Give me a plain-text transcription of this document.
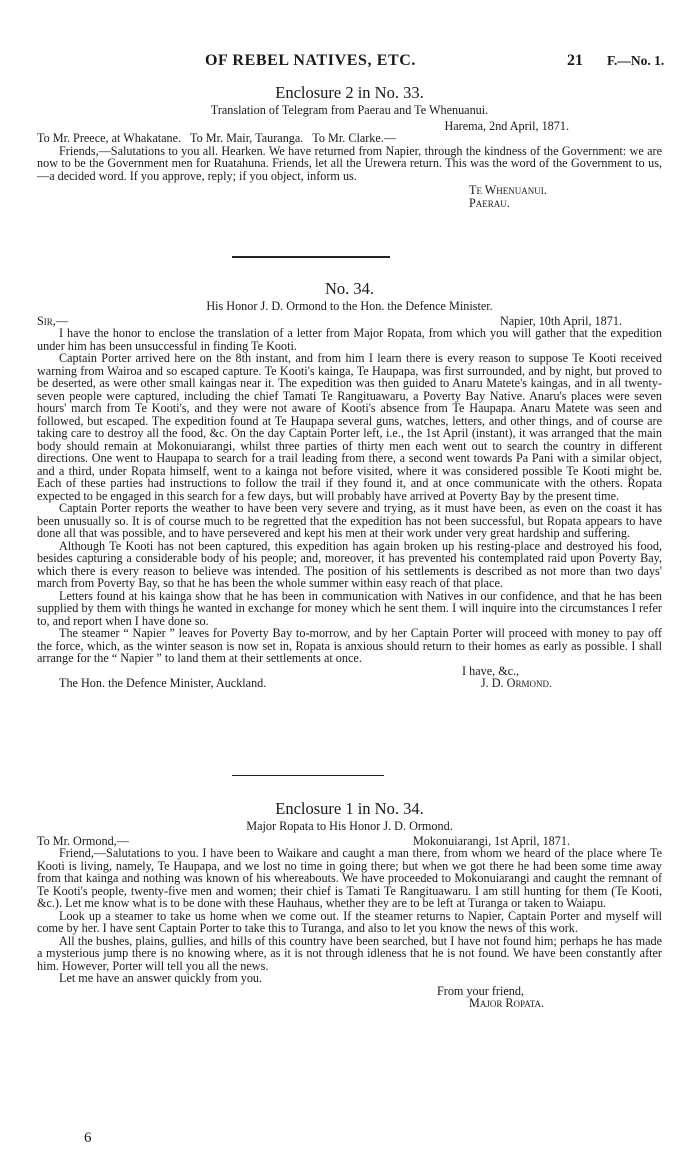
OF REBEL NATIVES, ETC.	21 F.—No. 1.
Enclosure 2 in No. 33.
Translation of Telegram from Paerau and Te Whenuanui.
Harema, 2nd April, 1871.
To Mr. Preece, at Whakatane.   To Mr. Mair, Tauranga.   To Mr. Clarke.—

Friends,—Salutations to you all. Hearken. We have returned from Napier, through the kindness of the Government: we are now to be the Government men for Ruatahuna. Friends, let all the Urewera return. This was the word of the Government to us,—a decided word. If you approve, reply; if you object, inform us.

Te Whenuanui.
Paerau.
No. 34.
His Honor J. D. Ormond to the Hon. the Defence Minister.
Sir,—	Napier, 10th April, 1871.

I have the honor to enclose the translation of a letter from Major Ropata, from which you will gather that the expedition under him has been unsuccessful in finding Te Kooti.

Captain Porter arrived here on the 8th instant, and from him I learn there is every reason to suppose Te Kooti received warning from Wairoa and so escaped capture. Te Kooti's kainga, Te Haupapa, was first surrounded, and by night, but proved to be deserted, as were other small kaingas near it. The expedition was then guided to Anaru Matete's kaingas, and in all twenty-seven people were captured, including the chief Tamati Te Rangituawaru, a Poverty Bay Native. Anaru's places were seven hours' march from Te Kooti's, and they were not aware of Kooti's absence from Te Haupapa. Anaru Matete was seen and followed, but escaped. The expedition found at Te Haupapa several guns, watches, letters, and other things, and of course are taking care to destroy all the food, &c. On the day Captain Porter left, i.e., the 1st April (instant), it was arranged that the main body should remain at Mokonuiarangi, whilst three parties of thirty men each went out to search the country in different directions. One went to Haupapa to search for a trail leading from there, a second went towards Pa Pani with a similar object, and a third, under Ropata himself, went to a kainga not before visited, where it was considered possible Te Kooti might be. Each of these parties had instructions to follow the trail if they found it, and at once communicate with the others. Ropata expected to be engaged in this search for a few days, but will probably have arrived at Poverty Bay by the present time.

Captain Porter reports the weather to have been very severe and trying, as it must have been, as even on the coast it has been unusually so. It is of course much to be regretted that the expedition has not been successful, but Ropata appears to have done all that was possible, and to have persevered and kept his men at their work under very great hardship and suffering.

Although Te Kooti has not been captured, this expedition has again broken up his resting-place and destroyed his food, besides capturing a considerable body of his people; and, moreover, it has prevented his contemplated raid upon Poverty Bay, which there is every reason to believe was intended. The position of his settlements is described as not more than two days' march from Poverty Bay, so that he has been the whole summer within easy reach of that place.

Letters found at his kainga show that he has been in communication with Natives in our confidence, and that he has been supplied by them with things he wanted in exchange for money which he sent them. I will inquire into the circumstances I refer to, and report when I have done so.

The steamer “ Napier ” leaves for Poverty Bay to-morrow, and by her Captain Porter will proceed with money to pay off the force, which, as the winter season is now set in, Ropata is anxious should return to their homes as early as possible. I shall arrange for the “ Napier ” to land them at their settlements at once.

I have, &c.,
The Hon. the Defence Minister, Auckland.	J. D. Ormond.
Enclosure 1 in No. 34.
Major Ropata to His Honor J. D. Ormond.
To Mr. Ormond,—	Mokonuiarangi, 1st April, 1871.

Friend,—Salutations to you. I have been to Waikare and caught a man there, from whom we heard of the place where Te Kooti is living, namely, Te Haupapa, and we lost no time in going there; but when we got there he had been some time away from that kainga and nothing was known of his whereabouts. We have proceeded to Mokonuiarangi and caught the remnant of Te Kooti's people, twenty-five men and women; their chief is Tamati Te Rangituawaru. I am still hunting for them (Te Kooti, &c.). Let me know what is to be done with these Hauhaus, whether they are to be left at Turanga or taken to Waiapu.

Look up a steamer to take us home when we come out. If the steamer returns to Napier, Captain Porter and myself will come by her. I have sent Captain Porter to take this to Turanga, and also to let you know the news of this work.

All the bushes, plains, gullies, and hills of this country have been searched, but I have not found him; perhaps he has made a mysterious jump there is no knowing where, as it is not through idleness that he is not found. We have been constantly after him. However, Porter will tell you all the news.

Let me have an answer quickly from you.

From your friend,
Major Ropata.
6
